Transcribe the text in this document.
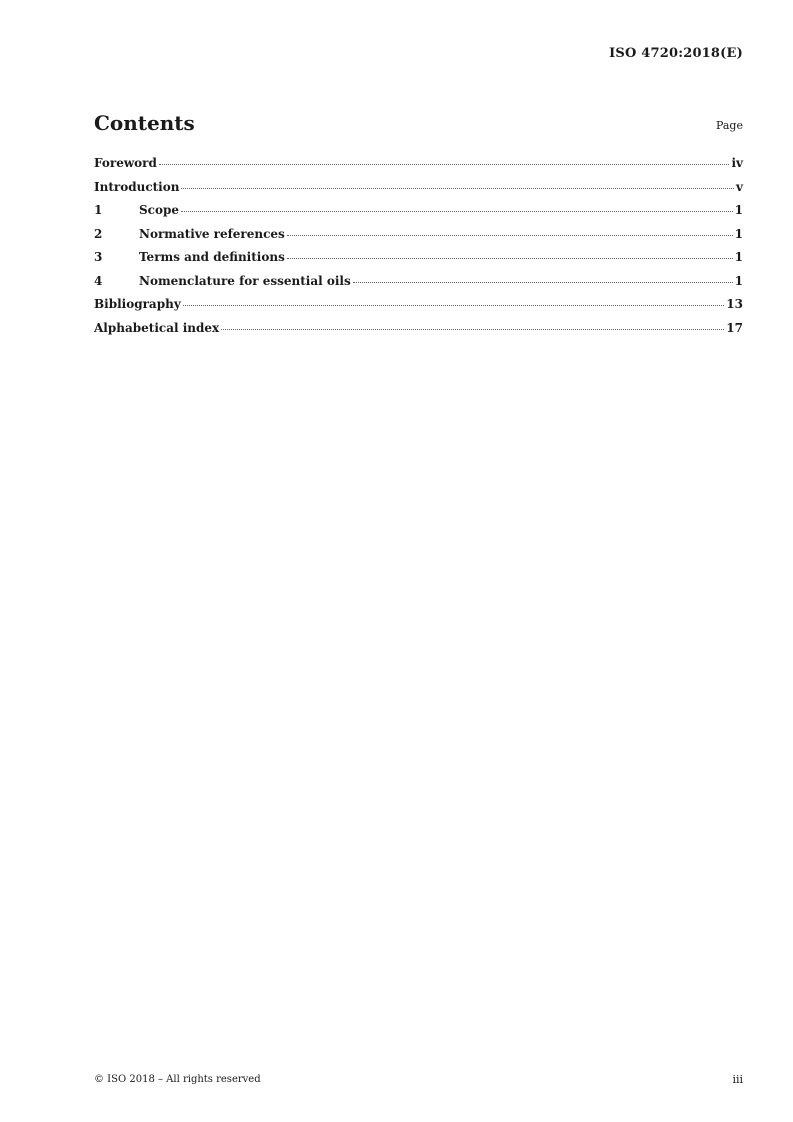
ISO 4720:2018(E)
Contents	Page
Foreword	iv
Introduction	v
1	Scope	1
2	Normative references	1
3	Terms and definitions	1
4	Nomenclature for essential oils	1
Bibliography	13
Alphabetical index	17
© ISO 2018 – All rights reserved	iii
